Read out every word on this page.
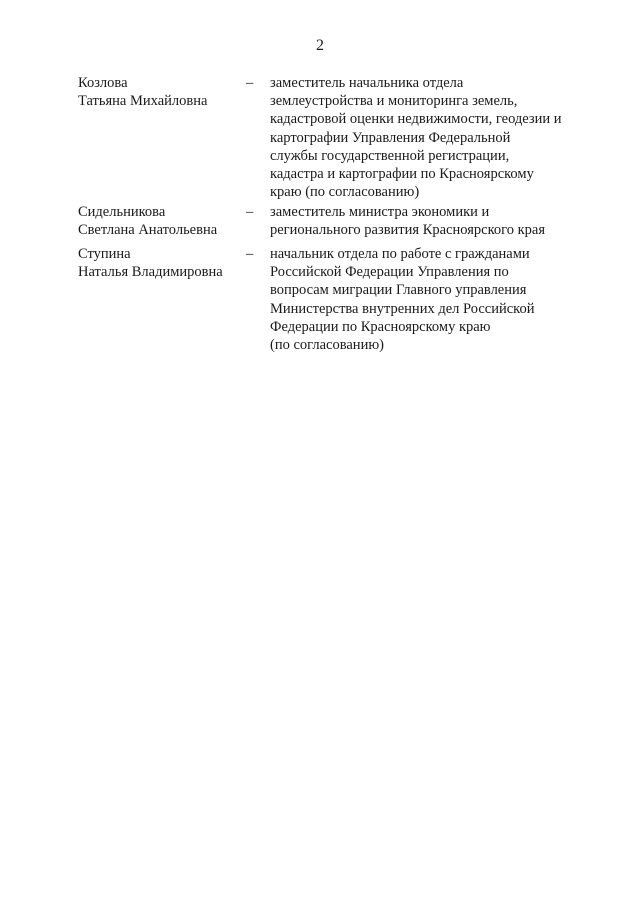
2
Козлова
Татьяна Михайловна
– заместитель начальника отдела
землеустройства и мониторинга земель,
кадастровой оценки недвижимости, геодезии и
картографии Управления Федеральной
службы государственной регистрации,
кадастра и картографии по Красноярскому
краю (по согласованию)
Сидельникова
Светлана Анатольевна
– заместитель министра экономики и
регионального развития Красноярского края
Ступина
Наталья Владимировна
– начальник отдела по работе с гражданами
Российской Федерации Управления по
вопросам миграции Главного управления
Министерства внутренних дел Российской
Федерации по Красноярскому краю
(по согласованию)
